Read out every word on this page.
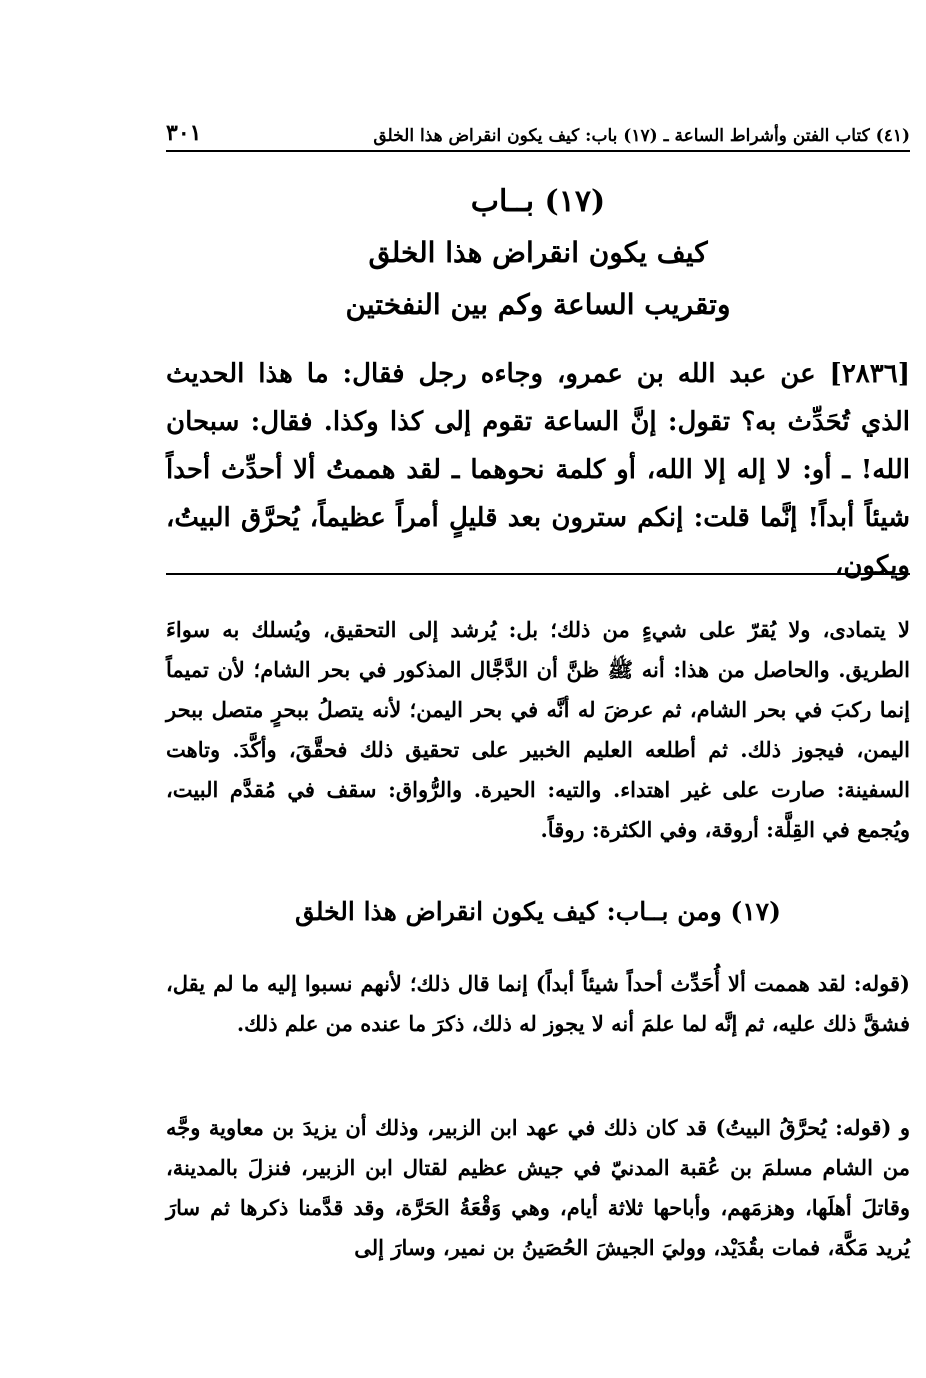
(٤١) كتاب الفتن وأشراط الساعة ـ (١٧) باب: كيف يكون انقراض هذا الخلق
٣٠١
(١٧) بــاب
كيف يكون انقراض هذا الخلق
وتقريب الساعة وكم بين النفختين
[٢٨٣٦] عن عبد الله بن عمرو، وجاءه رجل فقال: ما هذا الحديث الذي تُحَدِّث به؟ تقول: إنَّ الساعة تقوم إلى كذا وكذا. فقال: سبحان الله! ـ أو: لا إله إلا الله، أو كلمة نحوهما ـ لقد هممتُ ألا أحدِّث أحداً شيئاً أبداً! إنَّما قلت: إنكم سترون بعد قليلٍ أمراً عظيماً، يُحرَّق البيتُ، ويكون،
لا يتمادى، ولا يُقرّ على شيءٍ من ذلك؛ بل: يُرشد إلى التحقيق، ويُسلك به سواءَ الطريق. والحاصل من هذا: أنه ﷺ ظنَّ أن الدَّجَّال المذكور في بحر الشام؛ لأن تميماً إنما ركبَ في بحر الشام، ثم عرضَ له أنَّه في بحر اليمن؛ لأنه يتصلُ ببحرٍ متصل ببحر اليمن، فيجوز ذلك. ثم أطلعه العليم الخبير على تحقيق ذلك فحقَّقَ، وأكَّدَ. وتاهت السفينة: صارت على غير اهتداء. والتيه: الحيرة. والرُّواق: سقف في مُقدَّم البيت، ويُجمع في القِلَّة: أروقة، وفي الكثرة: روقاً.
(١٧) ومن بــاب: كيف يكون انقراض هذا الخلق
(قوله: لقد هممت ألا أُحَدِّث أحداً شيئاً أبداً) إنما قال ذلك؛ لأنهم نسبوا إليه ما لم يقل، فشقَّ ذلك عليه، ثم إنَّه لما علمَ أنه لا يجوز له ذلك، ذكرَ ما عنده من علم ذلك.
و (قوله: يُحرَّقُ البيتُ) قد كان ذلك في عهد ابن الزبير، وذلك أن يزيدَ بن معاوية وجَّه من الشام مسلمَ بن عُقبة المدنيّ في جيش عظيم لقتال ابن الزبير، فنزلَ بالمدينة، وقاتلَ أهلَها، وهزمَهم، وأباحها ثلاثة أيام، وهي وَقْعَةُ الحَرَّة، وقد قدَّمنا ذكرها ثم سارَ يُريد مَكَّة، فمات بقُدَيْد، ووليَ الجيشَ الحُصَينُ بن نمير، وسارَ إلى
